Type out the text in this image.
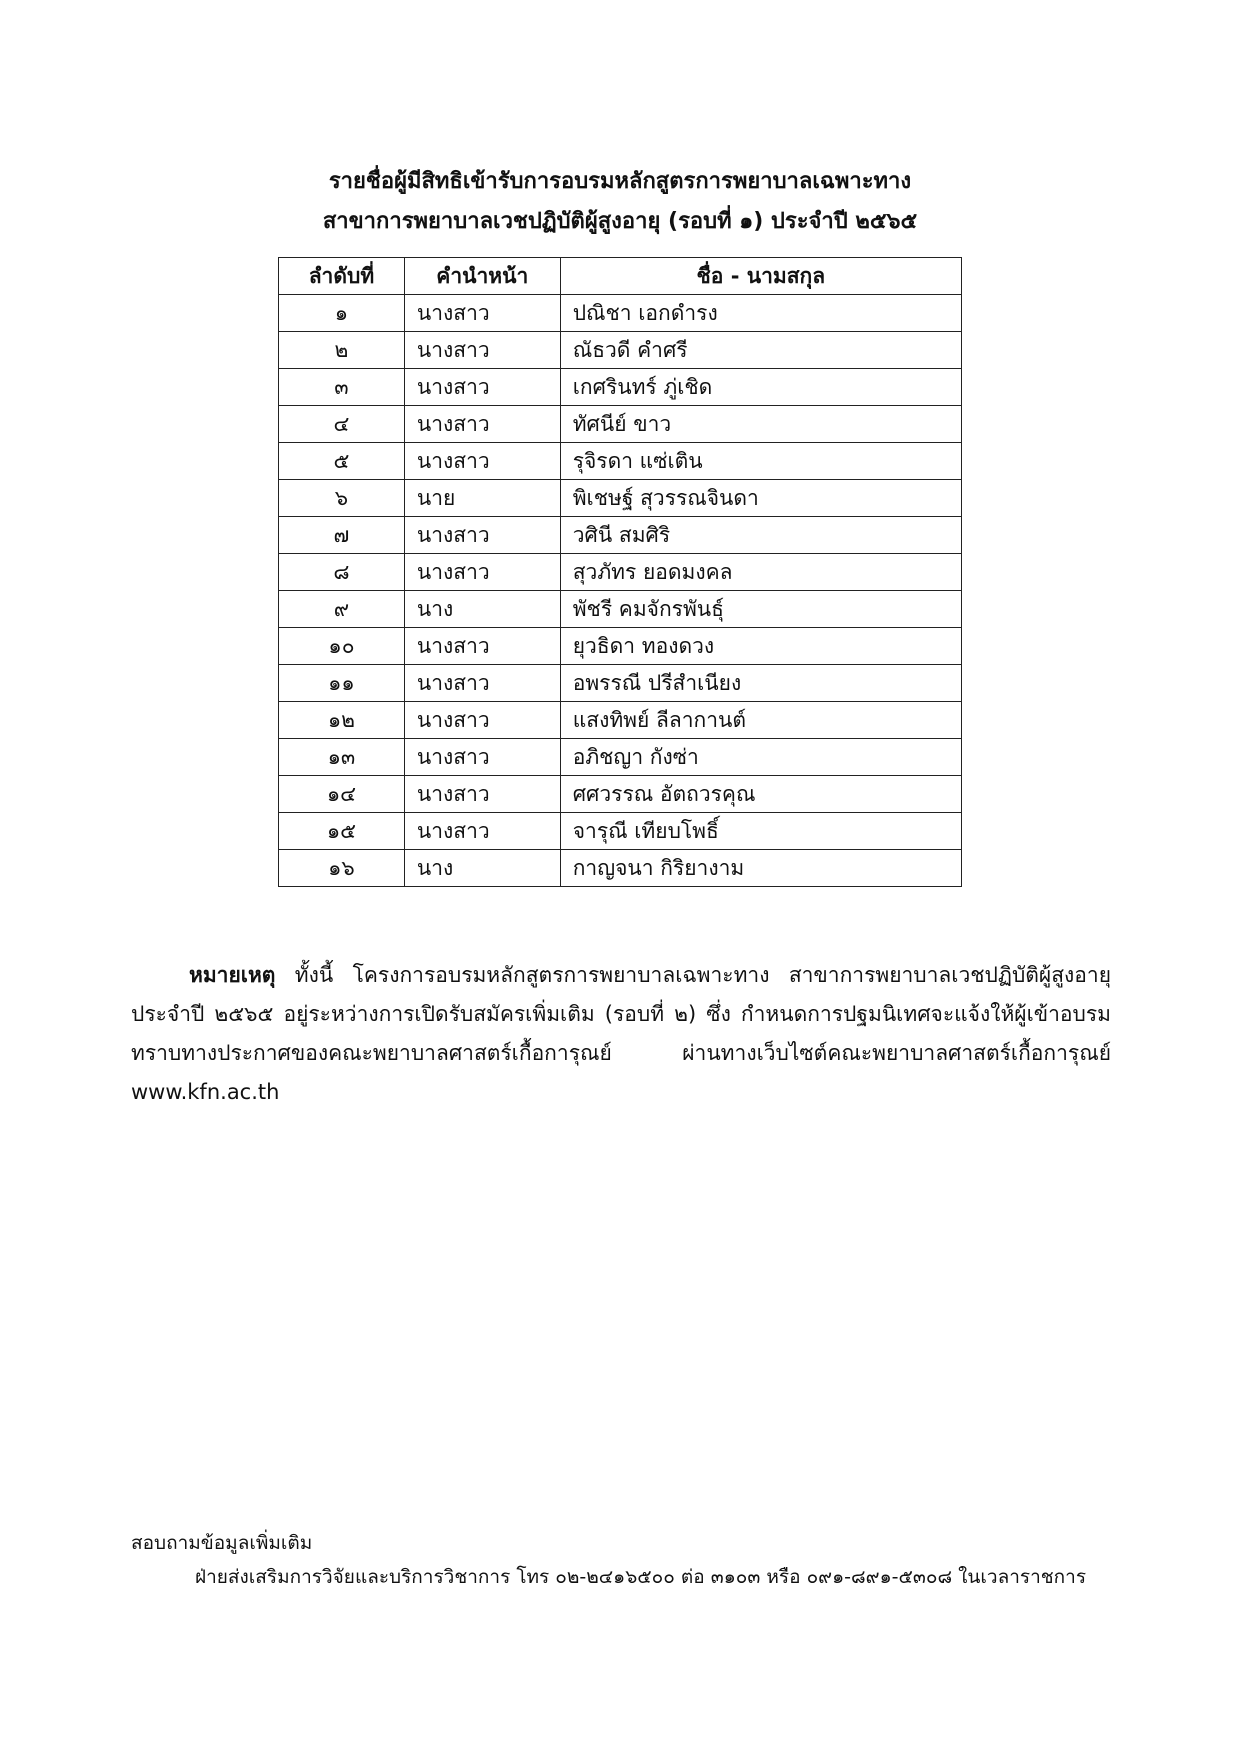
รายชื่อผู้มีสิทธิเข้ารับการอบรมหลักสูตรการพยาบาลเฉพาะทาง
สาขาการพยาบาลเวชปฏิบัติผู้สูงอายุ (รอบที่ ๑) ประจำปี ๒๕๖๕
ลำดับที่	คำนำหน้า	ชื่อ - นามสกุล
๑	นางสาว	ปณิชา เอกดำรง
๒	นางสาว	ณัธวดี คำศรี
๓	นางสาว	เกศรินทร์ ภู่เชิด
๔	นางสาว	ทัศนีย์ ขาว
๕	นางสาว	รุจิรดา แซ่เติน
๖	นาย	พิเชษฐ์ สุวรรณจินดา
๗	นางสาว	วศินี สมศิริ
๘	นางสาว	สุวภัทร ยอดมงคล
๙	นาง	พัชรี คมจักรพันธุ์
๑๐	นางสาว	ยุวธิดา ทองดวง
๑๑	นางสาว	อพรรณี ปรีสำเนียง
๑๒	นางสาว	แสงทิพย์ ลีลากานต์
๑๓	นางสาว	อภิชญา กังซ่า
๑๔	นางสาว	ศศวรรณ อัตถวรคุณ
๑๕	นางสาว	จารุณี เทียบโพธิ์
๑๖	นาง	กาญจนา กิริยางาม
หมายเหตุ ทั้งนี้ โครงการอบรมหลักสูตรการพยาบาลเฉพาะทาง สาขาการพยาบาลเวชปฏิบัติผู้สูงอายุ ประจำปี ๒๕๖๕ อยู่ระหว่างการเปิดรับสมัครเพิ่มเติม (รอบที่ ๒) ซึ่ง กำหนดการปฐมนิเทศจะแจ้งให้ผู้เข้าอบรม ทราบทางประกาศของคณะพยาบาลศาสตร์เกื้อการุณย์ ผ่านทางเว็บไซต์คณะพยาบาลศาสตร์เกื้อการุณย์ www.kfn.ac.th
สอบถามข้อมูลเพิ่มเติม
ฝ่ายส่งเสริมการวิจัยและบริการวิชาการ โทร ๐๒-๒๔๑๖๕๐๐ ต่อ ๓๑๐๓ หรือ ๐๙๑-๘๙๑-๕๓๐๘ ในเวลาราชการ
